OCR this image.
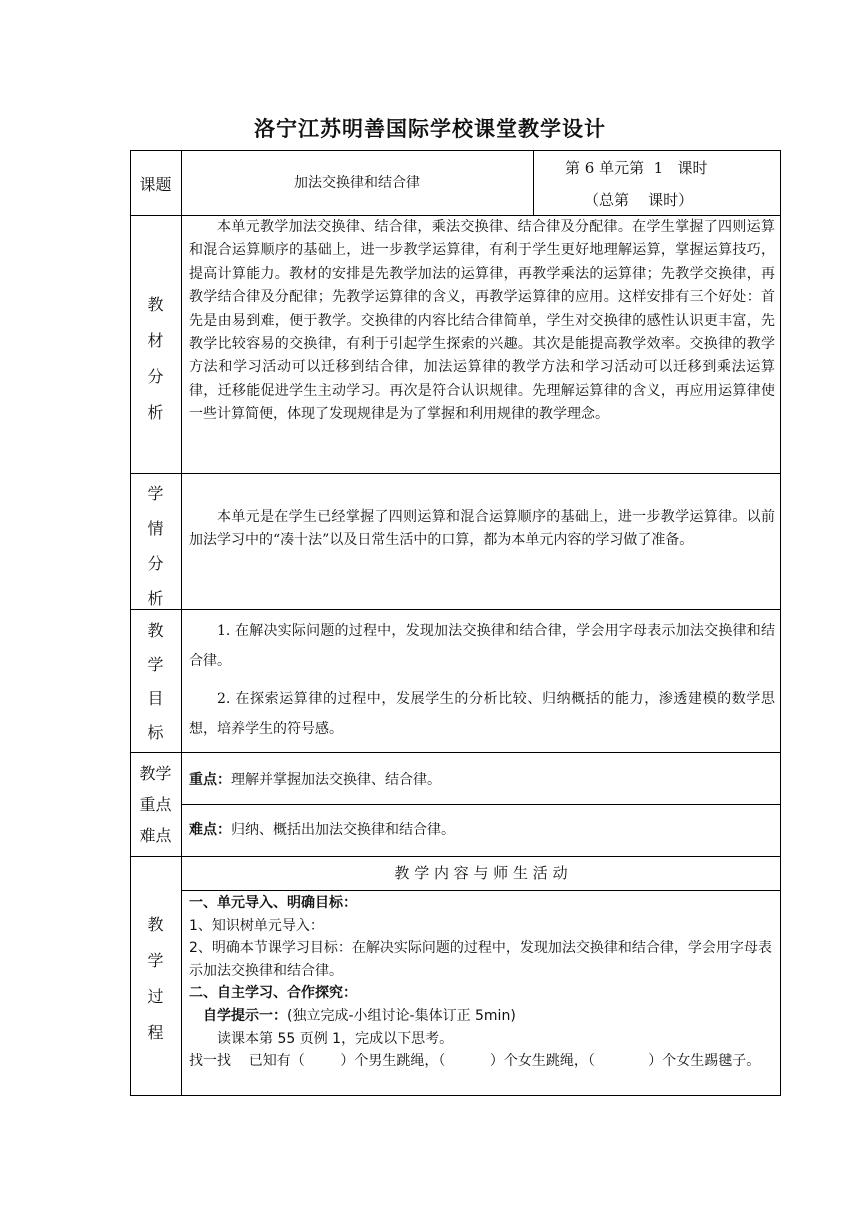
洛宁江苏明善国际学校课堂教学设计
课题	加法交换律和结合律
第 6 单元第  1   课时
（总第    课时）
教
材
分
析

本单元教学加法交换律、结合律，乘法交换律、结合律及分配律。在学生掌握了四则运算和混合运算顺序的基础上，进一步教学运算律，有利于学生更好地理解运算，掌握运算技巧，提高计算能力。教材的安排是先教学加法的运算律，再教学乘法的运算律；先教学交换律，再教学结合律及分配律；先教学运算律的含义，再教学运算律的应用。这样安排有三个好处：首先是由易到难，便于教学。交换律的内容比结合律简单，学生对交换律的感性认识更丰富，先教学比较容易的交换律，有利于引起学生探索的兴趣。其次是能提高教学效率。交换律的教学方法和学习活动可以迁移到结合律，加法运算律的教学方法和学习活动可以迁移到乘法运算律，迁移能促进学生主动学习。再次是符合认识规律。先理解运算律的含义，再应用运算律使一些计算简便，体现了发现规律是为了掌握和利用规律的教学理念。

学
情
分
析

本单元是在学生已经掌握了四则运算和混合运算顺序的基础上，进一步教学运算律。以前加法学习中的“凑十法”以及日常生活中的口算，都为本单元内容的学习做了准备。

教
学
目
标

1. 在解决实际问题的过程中，发现加法交换律和结合律，学会用字母表示加法交换律和结合律。

2. 在探索运算律的过程中，发展学生的分析比较、归纳概括的能力，渗透建模的数学思想，培养学生的符号感。

教学
重点
难点
重点：理解并掌握加法交换律、结合律。
难点：归纳、概括出加法交换律和结合律。
教
学
过
程
教 学 内 容 与 师 生 活 动
一、单元导入、明确目标：
1、知识树单元导入：
2、明确本节课学习目标：在解决实际问题的过程中，发现加法交换律和结合律，学会用字母表示加法交换律和结合律。
二、自主学习、合作探究：
自学提示一：(独立完成-小组讨论-集体订正 5min)
读课本第 55 页例 1，完成以下思考。
找一找    已知有（        ）个男生跳绳，（          ）个女生跳绳，（            ）个女生踢毽子。
